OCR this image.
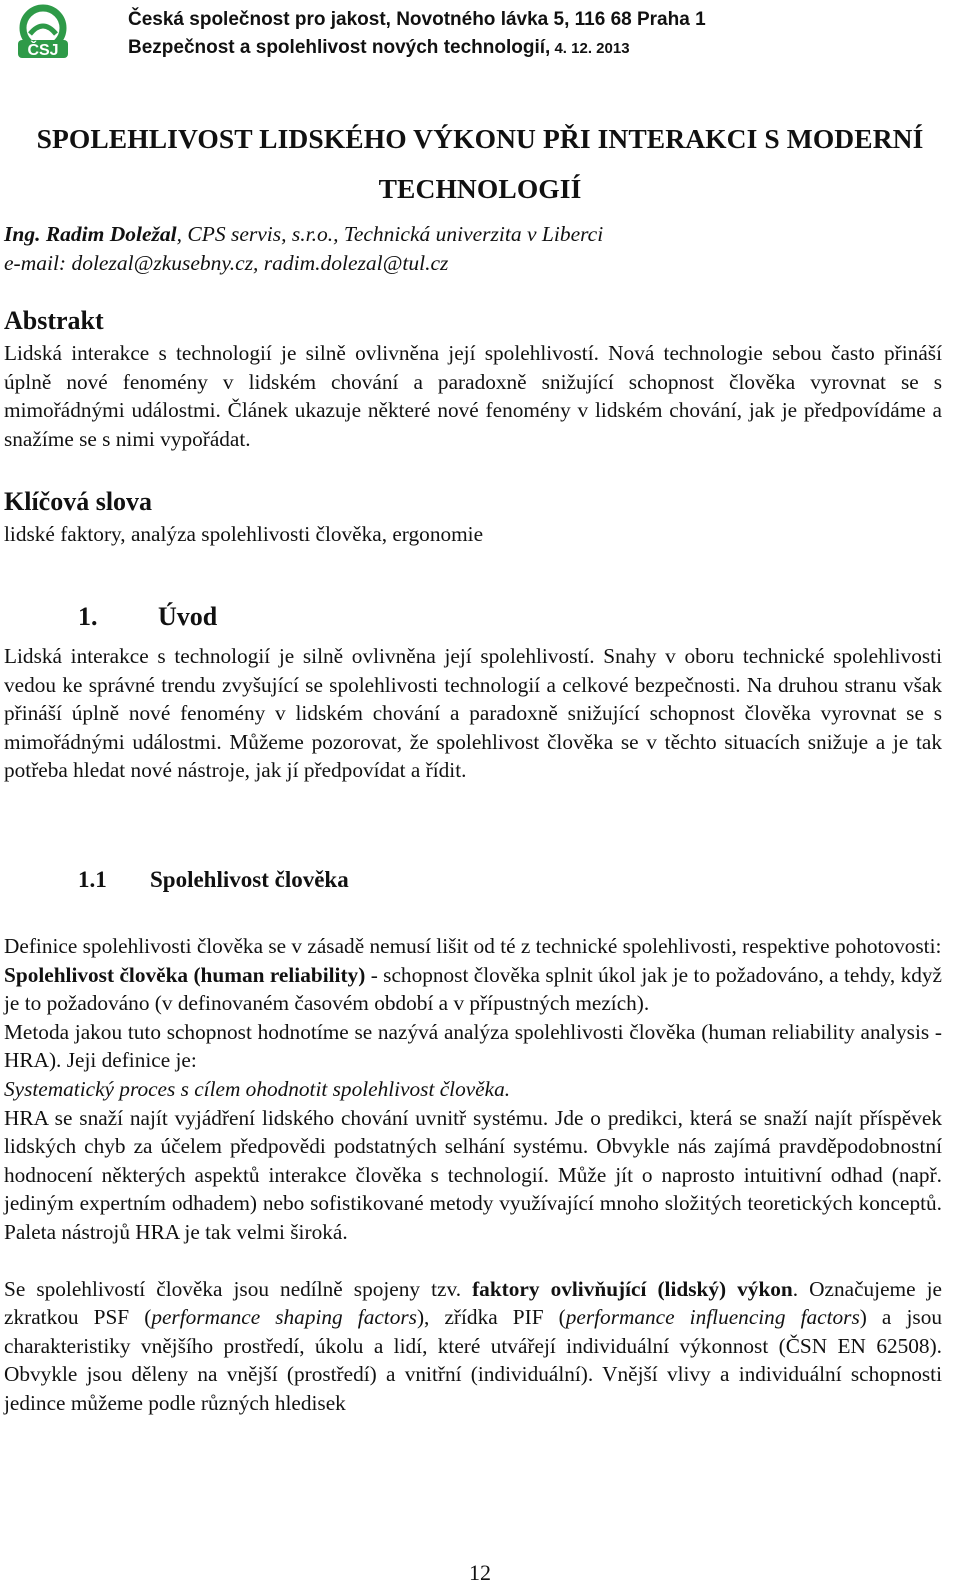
ČSJ
Česká společnost pro jakost, Novotného lávka 5, 116 68 Praha 1
Bezpečnost a spolehlivost nových technologií, 4. 12. 2013
SPOLEHLIVOST LIDSKÉHO VÝKONU PŘI INTERAKCI S MODERNÍ
TECHNOLOGIÍ
Ing. Radim Doležal, CPS servis, s.r.o., Technická univerzita v Liberci
e-mail: dolezal@zkusebny.cz, radim.dolezal@tul.cz
Abstrakt
Lidská interakce s technologií je silně ovlivněna její spolehlivostí. Nová technologie sebou často přináší úplně nové fenomény v lidském chování a paradoxně snižující schopnost člověka vyrovnat se s mimořádnými událostmi. Článek ukazuje některé nové fenomény v lidském chování, jak je předpovídáme a snažíme se s nimi vypořádat.
Klíčová slova
lidské faktory, analýza spolehlivosti člověka, ergonomie
1. Úvod
Lidská interakce s technologií je silně ovlivněna její spolehlivostí. Snahy v oboru technické spolehlivosti vedou ke správné trendu zvyšující se spolehlivosti technologií a celkové bezpečnosti. Na druhou stranu však přináší úplně nové fenomény v lidském chování a paradoxně snižující schopnost člověka vyrovnat se s mimořádnými událostmi. Můžeme pozorovat, že spolehlivost člověka se v těchto situacích snižuje a je tak potřeba hledat nové nástroje, jak jí předpovídat a řídit.
1.1 Spolehlivost člověka

Definice spolehlivosti člověka se v zásadě nemusí lišit od té z technické spolehlivosti, respektive pohotovosti:

Spolehlivost člověka (human reliability) - schopnost člověka splnit úkol jak je to požadováno, a tehdy, když je to požadováno (v definovaném časovém období a v přípustných mezích).

Metoda jakou tuto schopnost hodnotíme se nazývá analýza spolehlivosti člověka (human reliability analysis - HRA). Jeji definice je:

Systematický proces s cílem ohodnotit spolehlivost člověka.

HRA se snaží najít vyjádření lidského chování uvnitř systému. Jde o predikci, která se snaží najít příspěvek lidských chyb za účelem předpovědi podstatných selhání systému. Obvykle nás zajímá pravděpodobnostní hodnocení některých aspektů interakce člověka s technologií. Může jít o naprosto intuitivní odhad (např. jediným expertním odhadem) nebo sofistikované metody využívající mnoho složitých teoretických konceptů. Paleta nástrojů HRA je tak velmi široká.

Se spolehlivostí člověka jsou nedílně spojeny tzv. faktory ovlivňující (lidský) výkon. Označujeme je zkratkou PSF (performance shaping factors), zřídka PIF (performance influencing factors) a jsou charakteristiky vnějšího prostředí, úkolu a lidí, které utvářejí individuální výkonnost (ČSN EN 62508). Obvykle jsou děleny na vnější (prostředí) a vnitřní (individuální). Vnější vlivy a individuální schopnosti jedince můžeme podle různých hledisek

12
